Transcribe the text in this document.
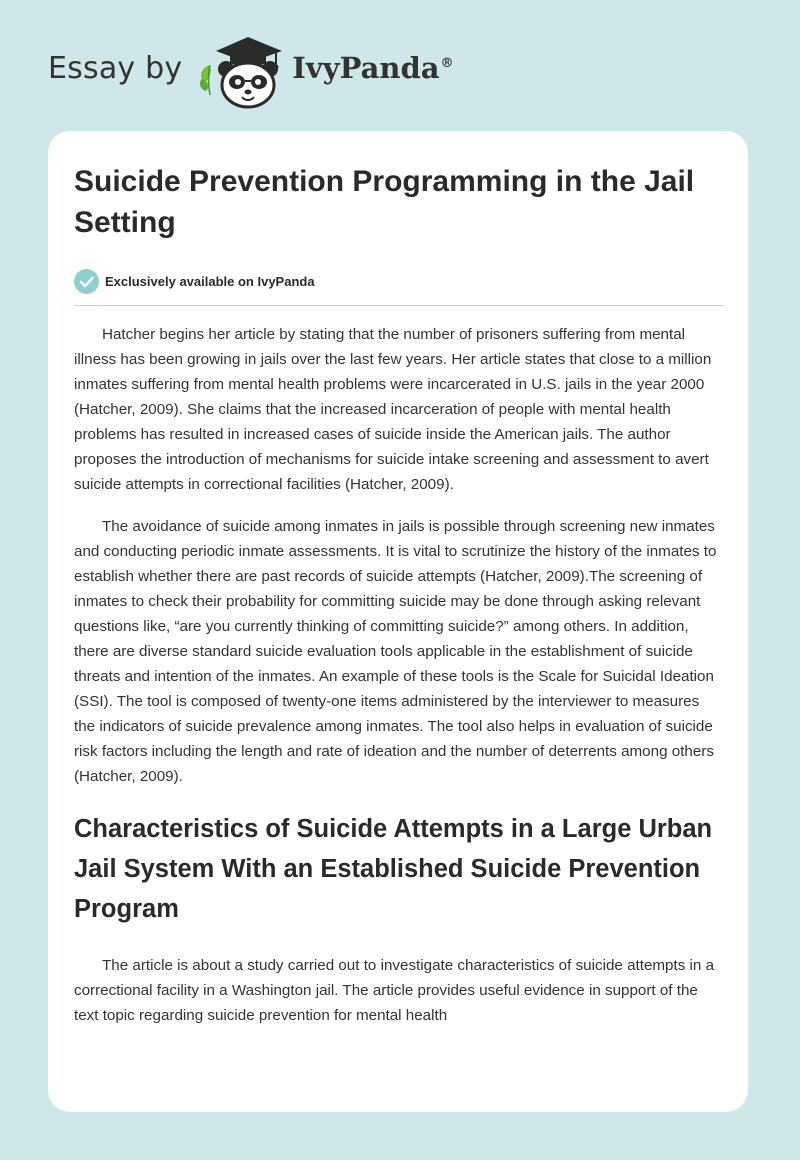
Essay by	IvyPanda®
Suicide Prevention Programming in the Jail Setting
Exclusively available on IvyPanda

Hatcher begins her article by stating that the number of prisoners suffering from mental illness has been growing in jails over the last few years. Her article states that close to a million inmates suffering from mental health problems were incarcerated in U.S. jails in the year 2000 (Hatcher, 2009). She claims that the increased incarceration of people with mental health problems has resulted in increased cases of suicide inside the American jails. The author proposes the introduction of mechanisms for suicide intake screening and assessment to avert suicide attempts in correctional facilities (Hatcher, 2009).

The avoidance of suicide among inmates in jails is possible through screening new inmates and conducting periodic inmate assessments. It is vital to scrutinize the history of the inmates to establish whether there are past records of suicide attempts (Hatcher, 2009).The screening of inmates to check their probability for committing suicide may be done through asking relevant questions like, “are you currently thinking of committing suicide?” among others. In addition, there are diverse standard suicide evaluation tools applicable in the establishment of suicide threats and intention of the inmates. An example of these tools is the Scale for Suicidal Ideation (SSI). The tool is composed of twenty-one items administered by the interviewer to measures the indicators of suicide prevalence among inmates. The tool also helps in evaluation of suicide risk factors including the length and rate of ideation and the number of deterrents among others (Hatcher, 2009).

Characteristics of Suicide Attempts in a Large Urban Jail System With an Established Suicide Prevention Program

The article is about a study carried out to investigate characteristics of suicide attempts in a correctional facility in a Washington jail. The article provides useful evidence in support of the text topic regarding suicide prevention for mental health
